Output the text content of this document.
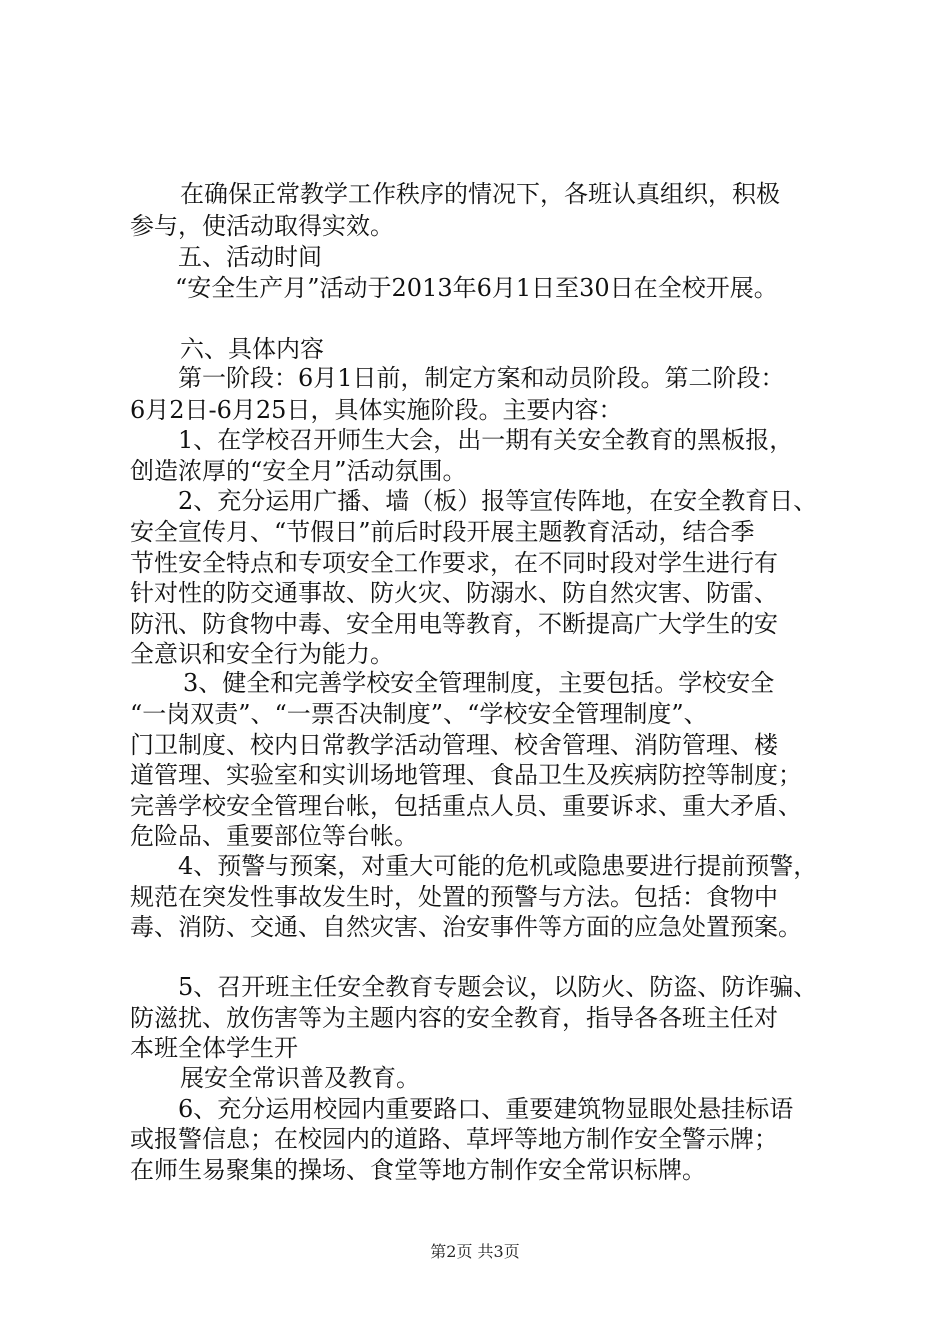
在确保正常教学工作秩序的情况下，各班认真组织，积极
参与，使活动取得实效。
五、活动时间
“安全生产月”活动于2013年6月1日至30日在全校开展。
六、具体内容
第一阶段：6月1日前，制定方案和动员阶段。第二阶段：
6月2日-6月25日，具体实施阶段。主要内容：
1、在学校召开师生大会，出一期有关安全教育的黑板报，
创造浓厚的“安全月”活动氛围。
2、充分运用广播、墙（板）报等宣传阵地，在安全教育日、
安全宣传月、“节假日”前后时段开展主题教育活动，结合季
节性安全特点和专项安全工作要求，在不同时段对学生进行有
针对性的防交通事故、防火灾、防溺水、防自然灾害、防雷、
防汛、防食物中毒、安全用电等教育，不断提高广大学生的安
全意识和安全行为能力。
3、健全和完善学校安全管理制度，主要包括。学校安全
“一岗双责”、“一票否决制度”、“学校安全管理制度”、
门卫制度、校内日常教学活动管理、校舍管理、消防管理、楼
道管理、实验室和实训场地管理、食品卫生及疾病防控等制度；
完善学校安全管理台帐，包括重点人员、重要诉求、重大矛盾、
危险品、重要部位等台帐。
4、预警与预案，对重大可能的危机或隐患要进行提前预警，
规范在突发性事故发生时，处置的预警与方法。包括：食物中
毒、消防、交通、自然灾害、治安事件等方面的应急处置预案。
5、召开班主任安全教育专题会议，以防火、防盗、防诈骗、
防滋扰、放伤害等为主题内容的安全教育，指导各各班主任对
本班全体学生开
展安全常识普及教育。
6、充分运用校园内重要路口、重要建筑物显眼处悬挂标语
或报警信息；在校园内的道路、草坪等地方制作安全警示牌；
在师生易聚集的操场、食堂等地方制作安全常识标牌。
第2页 共3页
